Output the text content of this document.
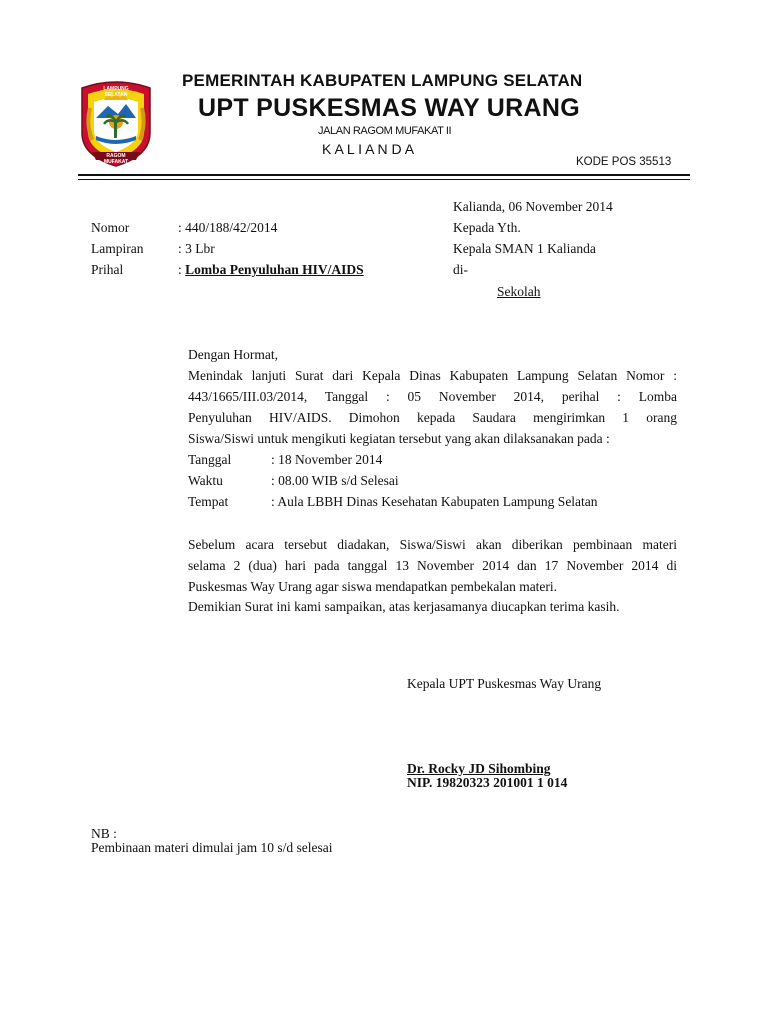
LAMPUNG SELATAN
RAGOM MUFAKAT
PEMERINTAH KABUPATEN LAMPUNG SELATAN
UPT PUSKESMAS WAY URANG
JALAN RAGOM MUFAKAT II
K A L I A N D A
KODE POS 35513
Kalianda, 06 November 2014
Nomor	: 440/188/42/2014
Lampiran	: 3 Lbr
Prihal	: Lomba Penyuluhan HIV/AIDS
Kepada Yth.
Kepala SMAN 1 Kalianda
di-
Sekolah
Dengan Hormat,
Menindak lanjuti Surat dari Kepala Dinas Kabupaten Lampung Selatan Nomor :
443/1665/III.03/2014, Tanggal : 05 November 2014, perihal : Lomba
Penyuluhan HIV/AIDS. Dimohon kepada Saudara mengirimkan 1 orang
Siswa/Siswi untuk mengikuti kegiatan tersebut yang akan dilaksanakan pada :
Tanggal	: 18 November 2014
Waktu	: 08.00 WIB s/d Selesai
Tempat	: Aula LBBH Dinas Kesehatan Kabupaten Lampung Selatan
Sebelum acara tersebut diadakan, Siswa/Siswi akan diberikan pembinaan materi
selama 2 (dua) hari pada tanggal 13 November 2014 dan 17 November 2014 di
Puskesmas Way Urang agar siswa mendapatkan pembekalan materi.
Demikian Surat ini kami sampaikan, atas kerjasamanya diucapkan terima kasih.
Kepala UPT Puskesmas Way Urang
Dr. Rocky JD Sihombing
NIP. 19820323 201001 1 014
NB :
Pembinaan materi dimulai jam 10 s/d selesai
